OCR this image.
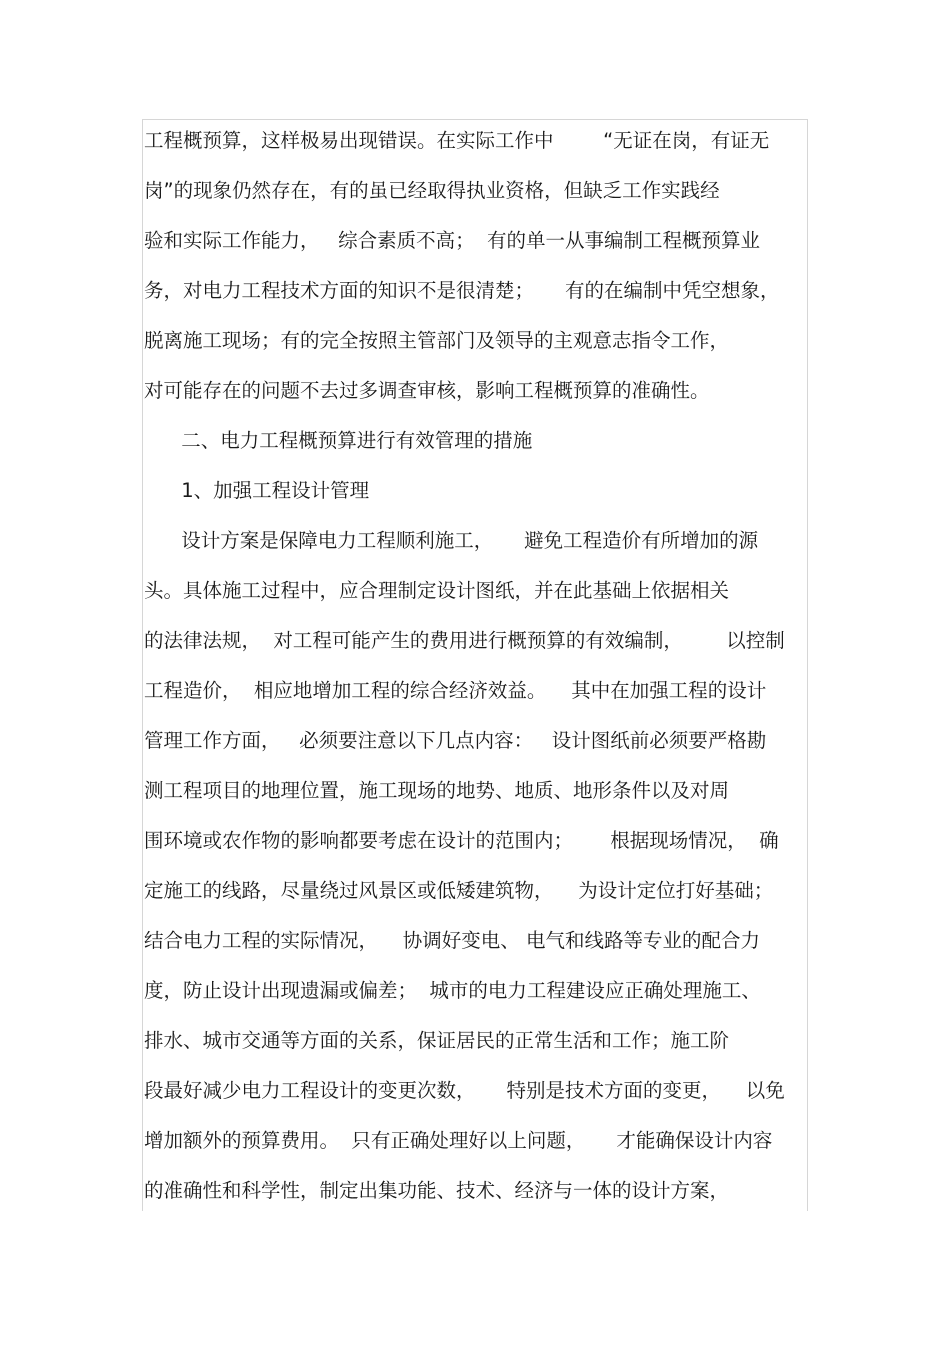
工程概预算，这样极易出现错误。在实际工作中        “无证在岗，有证无
岗”的现象仍然存在，有的虽已经取得执业资格，但缺乏工作实践经
验和实际工作能力，   综合素质不高；  有的单一从事编制工程概预算业
务，对电力工程技术方面的知识不是很清楚；     有的在编制中凭空想象，
脱离施工现场；有的完全按照主管部门及领导的主观意志指令工作，
对可能存在的问题不去过多调查审核，影响工程概预算的准确性。
二、电力工程概预算进行有效管理的措施
1、加强工程设计管理
设计方案是保障电力工程顺利施工，     避免工程造价有所增加的源
头。具体施工过程中，应合理制定设计图纸，并在此基础上依据相关
的法律法规，  对工程可能产生的费用进行概预算的有效编制，       以控制
工程造价，  相应地增加工程的综合经济效益。    其中在加强工程的设计
管理工作方面，   必须要注意以下几点内容：   设计图纸前必须要严格勘
测工程项目的地理位置，施工现场的地势、地质、地形条件以及对周
围环境或农作物的影响都要考虑在设计的范围内；      根据现场情况，  确
定施工的线路，尽量绕过风景区或低矮建筑物，    为设计定位打好基础；
结合电力工程的实际情况，    协调好变电、 电气和线路等专业的配合力
度，防止设计出现遗漏或偏差；  城市的电力工程建设应正确处理施工、
排水、城市交通等方面的关系，保证居民的正常生活和工作；施工阶
段最好减少电力工程设计的变更次数，     特别是技术方面的变更，    以免
增加额外的预算费用。  只有正确处理好以上问题，     才能确保设计内容
的准确性和科学性，制定出集功能、技术、经济与一体的设计方案，
